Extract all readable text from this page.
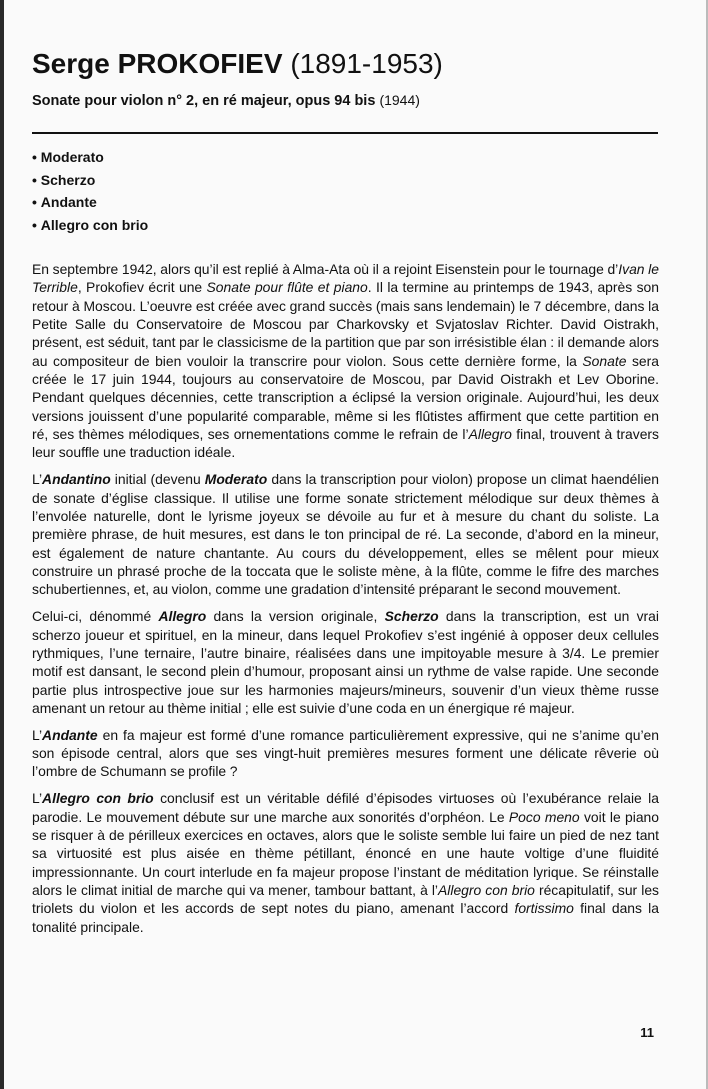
Serge PROKOFIEV (1891-1953)
Sonate pour violon n° 2, en ré majeur, opus 94 bis (1944)
• Moderato
• Scherzo
• Andante
• Allegro con brio

En septembre 1942, alors qu’il est replié à Alma-Ata où il a rejoint Eisenstein pour le tournage d’Ivan le Terrible, Prokofiev écrit une Sonate pour flûte et piano. Il la termine au printemps de 1943, après son retour à Moscou. L’oeuvre est créée avec grand succès (mais sans lendemain) le 7 décembre, dans la Petite Salle du Conservatoire de Moscou par Charkovsky et Svjatoslav Richter. David Oistrakh, présent, est séduit, tant par le classicisme de la partition que par son irrésistible élan : il demande alors au compositeur de bien vouloir la transcrire pour violon. Sous cette dernière forme, la Sonate sera créée le 17 juin 1944, toujours au conservatoire de Moscou, par David Oistrakh et Lev Oborine. Pendant quelques décennies, cette transcription a éclipsé la version originale. Aujourd’hui, les deux versions jouissent d’une popularité comparable, même si les flûtistes affirment que cette partition en ré, ses thèmes mélodiques, ses ornementations comme le refrain de l’Allegro final, trouvent à travers leur souffle une traduction idéale.

L’Andantino initial (devenu Moderato dans la transcription pour violon) propose un climat haendélien de sonate d’église classique. Il utilise une forme sonate strictement mélodique sur deux thèmes à l’envolée naturelle, dont le lyrisme joyeux se dévoile au fur et à mesure du chant du soliste. La première phrase, de huit mesures, est dans le ton principal de ré. La seconde, d’abord en la mineur, est également de nature chantante. Au cours du développement, elles se mêlent pour mieux construire un phrasé proche de la toccata que le soliste mène, à la flûte, comme le fifre des marches schubertiennes, et, au violon, comme une gradation d’intensité préparant le second mouvement.

Celui-ci, dénommé Allegro dans la version originale, Scherzo dans la transcription, est un vrai scherzo joueur et spirituel, en la mineur, dans lequel Prokofiev s’est ingénié à opposer deux cellules rythmiques, l’une ternaire, l’autre binaire, réalisées dans une impitoyable mesure à 3/4. Le premier motif est dansant, le second plein d’humour, proposant ainsi un rythme de valse rapide. Une seconde partie plus introspective joue sur les harmonies majeurs/mineurs, souvenir d’un vieux thème russe amenant un retour au thème initial ; elle est suivie d’une coda en un énergique ré majeur.

L’Andante en fa majeur est formé d’une romance particulièrement expressive, qui ne s’anime qu’en son épisode central, alors que ses vingt-huit premières mesures forment une délicate rêverie où l’ombre de Schumann se profile ?

L’Allegro con brio conclusif est un véritable défilé d’épisodes virtuoses où l’exubérance relaie la parodie. Le mouvement débute sur une marche aux sonorités d’orphéon. Le Poco meno voit le piano se risquer à de périlleux exercices en octaves, alors que le soliste semble lui faire un pied de nez tant sa virtuosité est plus aisée en thème pétillant, énoncé en une haute voltige d’une fluidité impressionnante. Un court interlude en fa majeur propose l’instant de méditation lyrique. Se réinstalle alors le climat initial de marche qui va mener, tambour battant, à l’Allegro con brio récapitulatif, sur les triolets du violon et les accords de sept notes du piano, amenant l’accord fortissimo final dans la tonalité principale.

11
